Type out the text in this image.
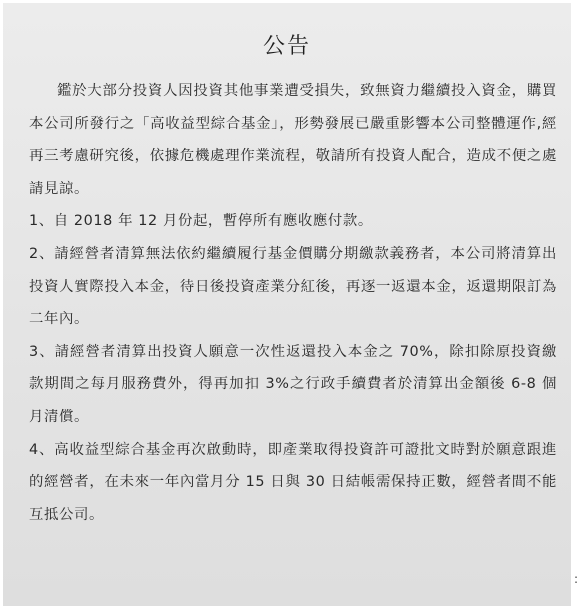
公告

鑑於大部分投資人因投資其他事業遭受損失，致無資力繼續投入資金，購買本公司所發行之「高收益型綜合基金」，形勢發展已嚴重影響本公司整體運作,經再三考慮研究後，依據危機處理作業流程，敬請所有投資人配合，造成不便之處請見諒。

1、自 2018 年 12 月份起，暫停所有應收應付款。

2、請經營者清算無法依約繼續履行基金價購分期繳款義務者，本公司將清算出投資人實際投入本金，待日後投資產業分紅後，再逐一返還本金，返還期限訂為二年內。

3、請經營者清算出投資人願意一次性返還投入本金之 70%，除扣除原投資繳款期間之每月服務費外，得再加扣 3%之行政手續費者於清算出金額後 6-8 個月清償。

4、高收益型綜合基金再次啟動時，即產業取得投資許可證批文時對於願意跟進的經營者，在未來一年內當月分 15 日與 30 日結帳需保持正數，經營者間不能互抵公司。

:
